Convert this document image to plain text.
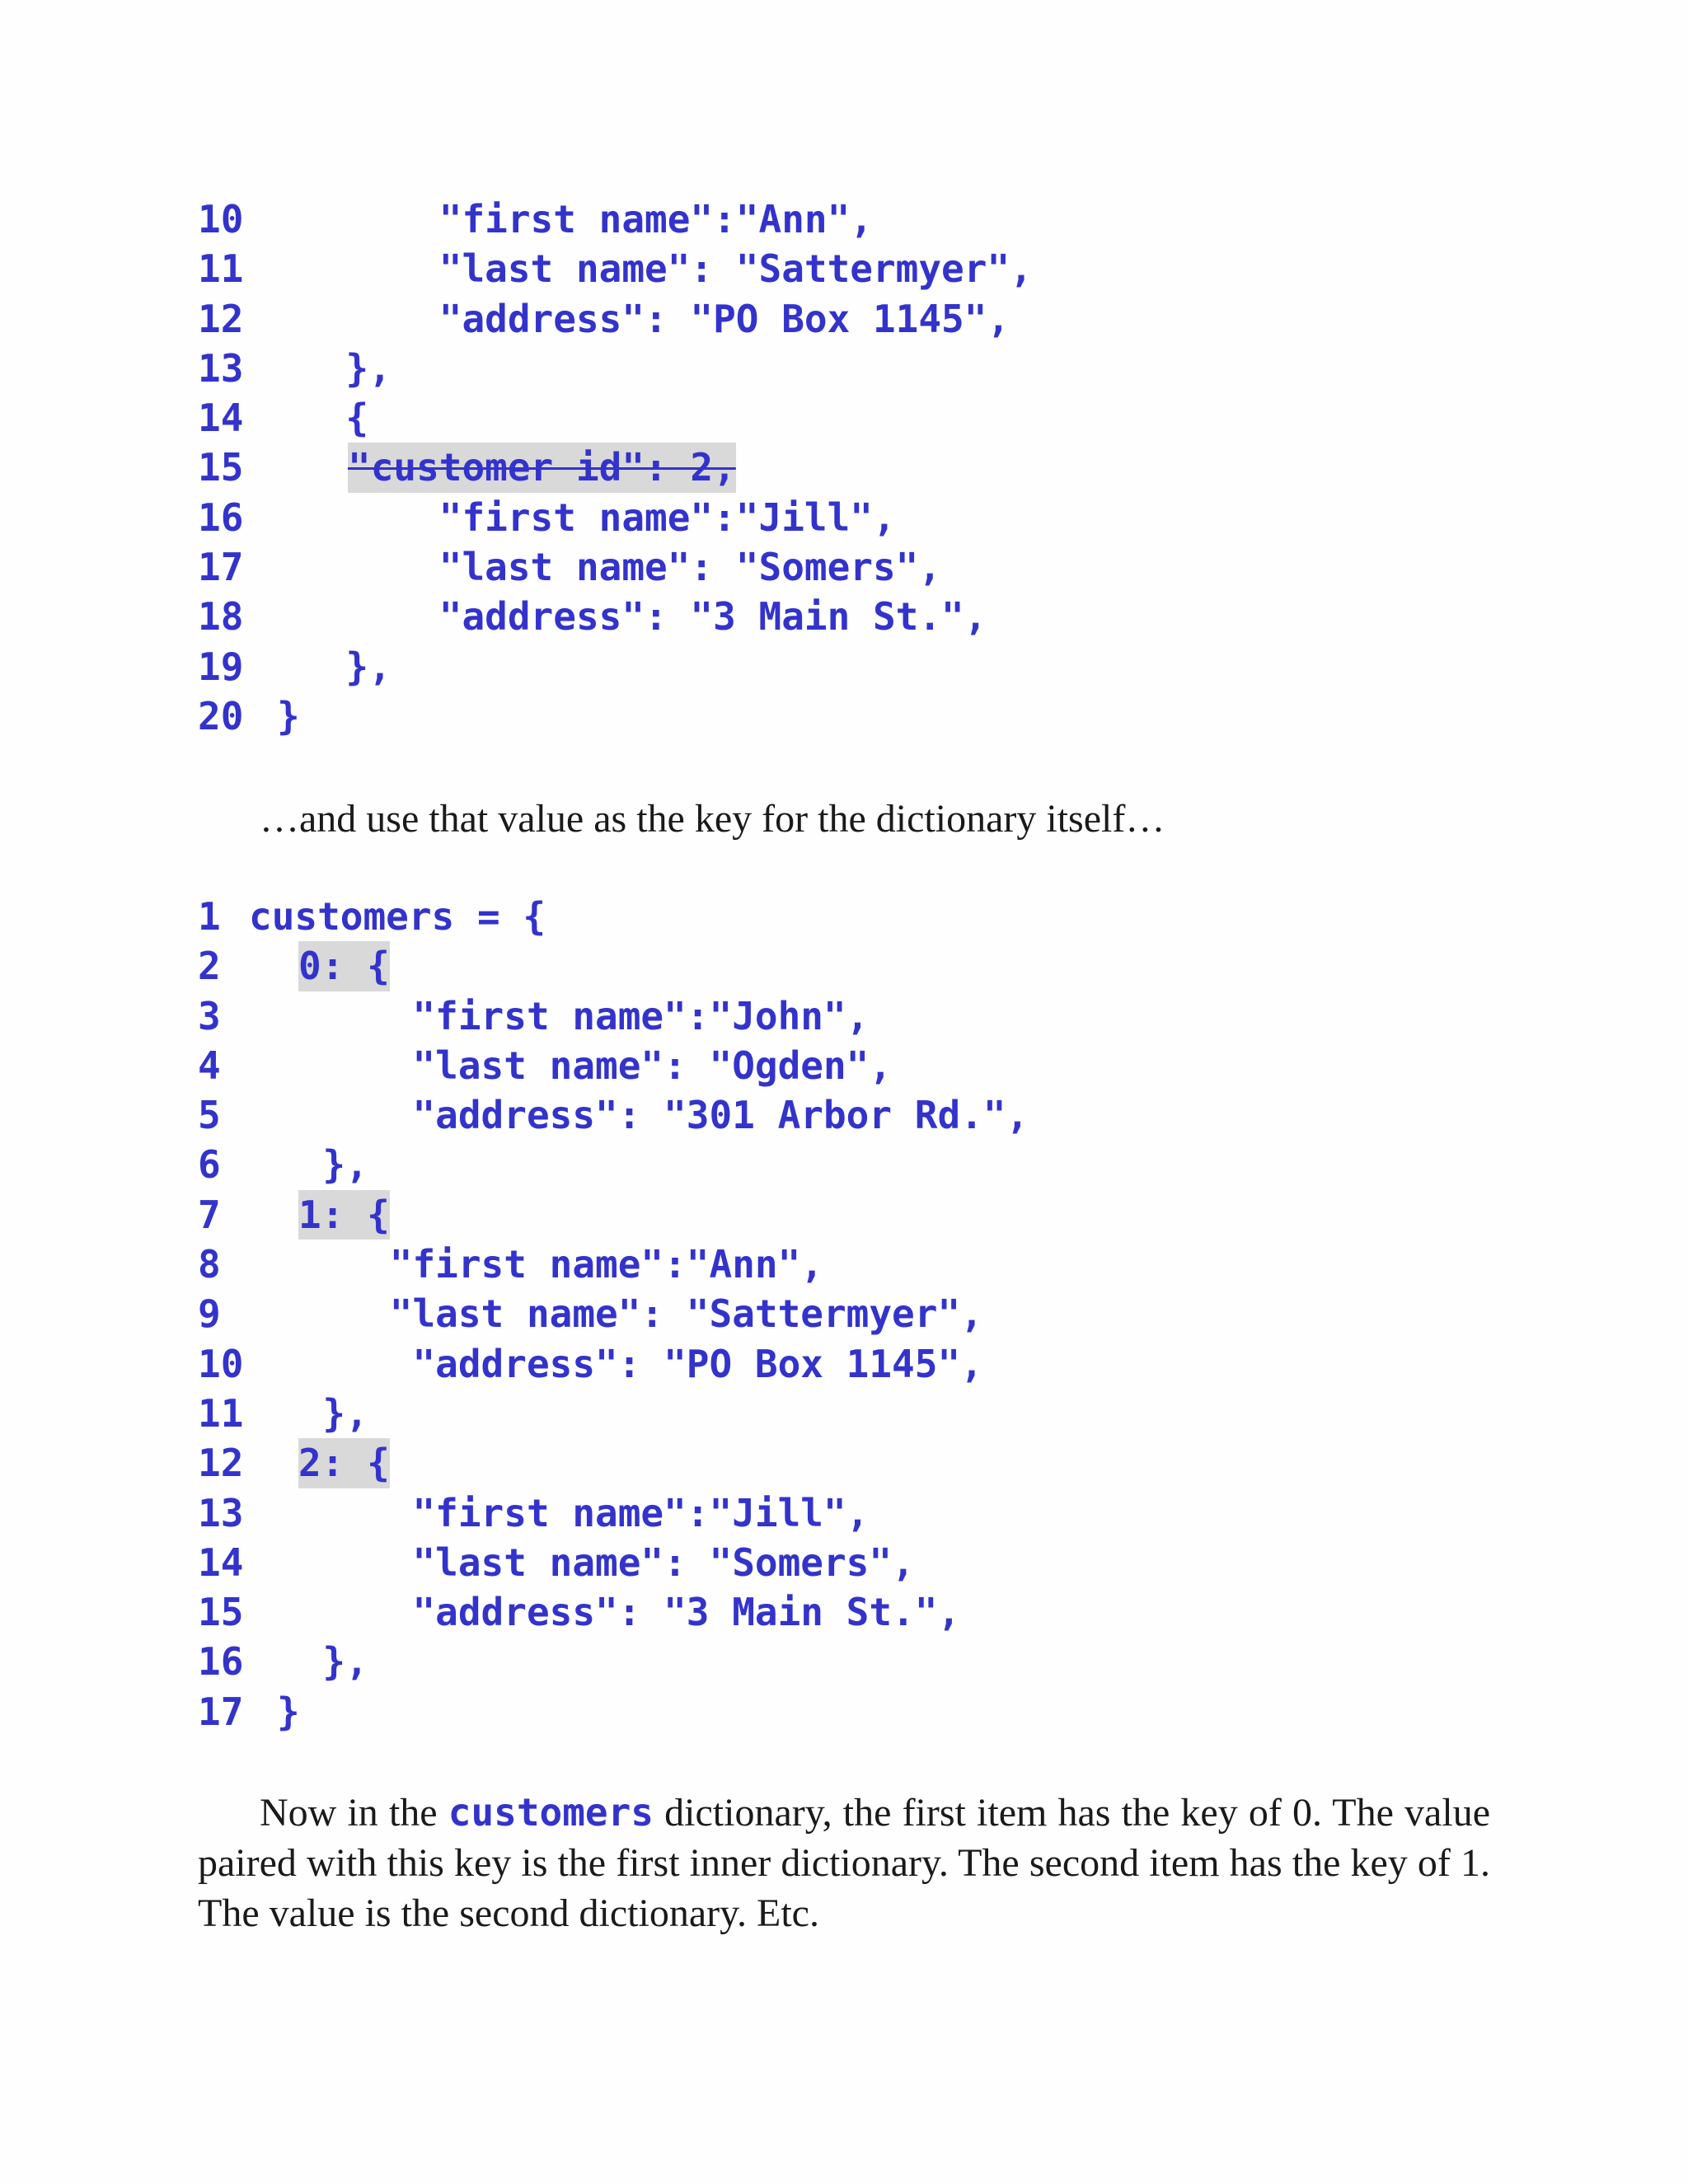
10

	"first name":"Ann",

11

	"last name": "Sattermyer",

12

	"address": "PO Box 1145",

13

	},

14

	{

15

	"customer id": 2,

16

	"first name":"Jill",

17

	"last name": "Somers",

18

	"address": "3 Main St.",

19

	},

20

}

…and use that value as the key for the dictionary itself…

1

customers = {

2

	0: {

3

	"first name":"John",

4

	"last name": "Ogden",

5

	"address": "301 Arbor Rd.",

6

	},

7

	1: {

8

	"first name":"Ann",

9

	"last name": "Sattermyer",

10

	"address": "PO Box 1145",

11

},

12

	2: {

13

	"first name":"Jill",

14

	"last name": "Somers",

15

	"address": "3 Main St.",

16

},

17

}

Now in the customers dictionary, the first item has the key of 0. The value paired with this key is the first inner dictionary. The second item has the key of 1. The value is the second dictionary. Etc.
